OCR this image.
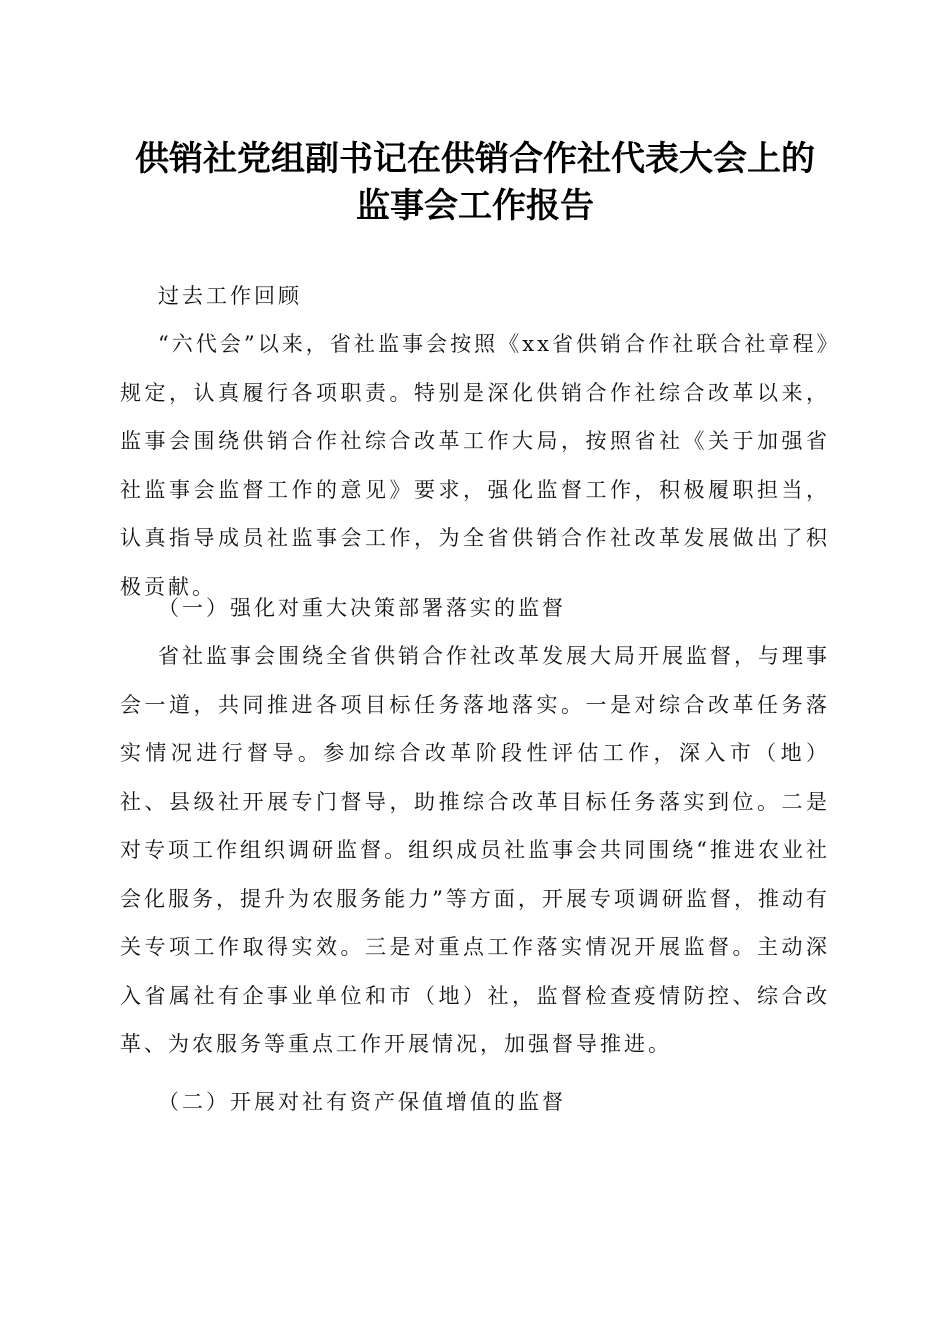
供销社党组副书记在供销合作社代表大会上的
监事会工作报告
过去工作回顾

“六代会”以来，省社监事会按照《xx省供销合作社联合社章程》规定，认真履行各项职责。特别是深化供销合作社综合改革以来，监事会围绕供销合作社综合改革工作大局，按照省社《关于加强省社监事会监督工作的意见》要求，强化监督工作，积极履职担当，认真指导成员社监事会工作，为全省供销合作社改革发展做出了积极贡献。

（一）强化对重大决策部署落实的监督

省社监事会围绕全省供销合作社改革发展大局开展监督，与理事会一道，共同推进各项目标任务落地落实。一是对综合改革任务落实情况进行督导。参加综合改革阶段性评估工作，深入市（地）社、县级社开展专门督导，助推综合改革目标任务落实到位。二是对专项工作组织调研监督。组织成员社监事会共同围绕“推进农业社会化服务，提升为农服务能力”等方面，开展专项调研监督，推动有关专项工作取得实效。三是对重点工作落实情况开展监督。主动深入省属社有企事业单位和市（地）社，监督检查疫情防控、综合改革、为农服务等重点工作开展情况，加强督导推进。

（二）开展对社有资产保值增值的监督
